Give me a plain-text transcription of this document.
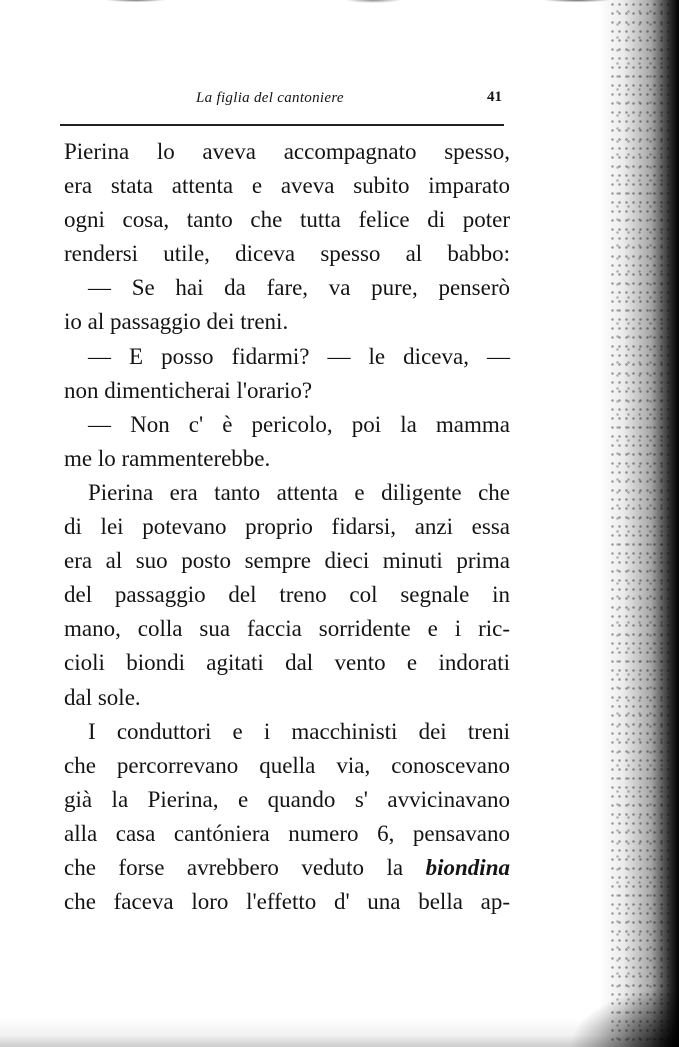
La figlia del cantoniere	41
Pierina lo aveva accompagnato spesso,
era stata attenta e aveva subito imparato
ogni cosa, tanto che tutta felice di poter
rendersi utile, diceva spesso al babbo:
— Se hai da fare, va pure, penserò
io al passaggio dei treni.
— E posso fidarmi? — le diceva, —
non dimenticherai l'orario?
— Non c' è pericolo, poi la mamma
me lo rammenterebbe.
Pierina era tanto attenta e diligente che
di lei potevano proprio fidarsi, anzi essa
era al suo posto sempre dieci minuti prima
del passaggio del treno col segnale in
mano, colla sua faccia sorridente e i ric-
cioli biondi agitati dal vento e indorati
dal sole.
I conduttori e i macchinisti dei treni
che percorrevano quella via, conoscevano
già la Pierina, e quando s' avvicinavano
alla casa cantóniera numero 6, pensavano
che forse avrebbero veduto la biondina
che faceva loro l'effetto d' una bella ap-
